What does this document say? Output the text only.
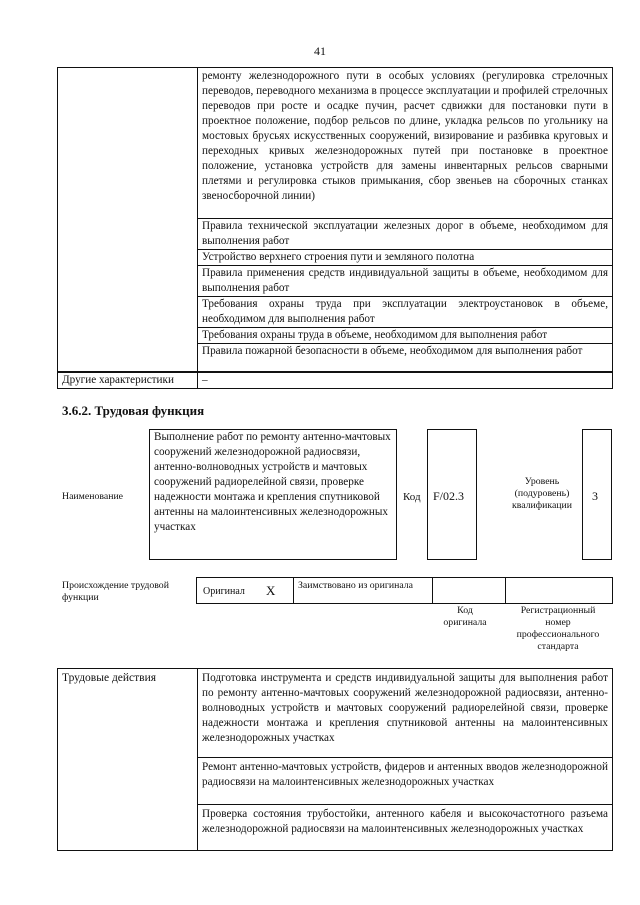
41
ремонту железнодорожного пути в особых условиях (регулировка стрелочных переводов, переводного механизма в процессе эксплуатации и профилей стрелочных переводов при росте и осадке пучин, расчет сдвижки для постановки пути в проектное положение, подбор рельсов по длине, укладка рельсов по угольнику на мостовых брусьях искусственных сооружений, визирование и разбивка круговых и переходных кривых железнодорожных путей при постановке в проектное положение, установка устройств для замены инвентарных рельсов сварными плетями и регулировка стыков примыкания, сбор звеньев на сборочных станках звеносборочной линии)
Правила технической эксплуатации железных дорог в объеме, необходимом для выполнения работ
Устройство верхнего строения пути и земляного полотна
Правила применения средств индивидуальной защиты в объеме, необходимом для выполнения работ
Требования охраны труда при эксплуатации электроустановок в объеме, необходимом для выполнения работ
Требования охраны труда в объеме, необходимом для выполнения работ
Правила пожарной безопасности в объеме, необходимом для выполнения работ
Другие характеристики	–
3.6.2. Трудовая функция
Наименование
Выполнение работ по ремонту антенно-мачтовых сооружений железнодорожной радиосвязи, антенно-волноводных устройств и мачтовых сооружений радиорелейной связи, проверке надежности монтажа и крепления спутниковой антенны на малоинтенсивных железнодорожных участках
Код F/02.3
Уровень (подуровень) квалификации
3
Происхождение трудовой функции
Оригинал X Заимствовано из оригинала
Код оригинала
Регистрационный номер профессионального стандарта
Трудовые действия	Подготовка инструмента и средств индивидуальной защиты для выполнения работ по ремонту антенно-мачтовых сооружений железнодорожной радиосвязи, антенно-волноводных устройств и мачтовых сооружений радиорелейной связи, проверке надежности монтажа и крепления спутниковой антенны на малоинтенсивных железнодорожных участках
Ремонт антенно-мачтовых устройств, фидеров и антенных вводов железнодорожной радиосвязи на малоинтенсивных железнодорожных участках
Проверка состояния трубостойки, антенного кабеля и высокочастотного разъема железнодорожной радиосвязи на малоинтенсивных железнодорожных участках
